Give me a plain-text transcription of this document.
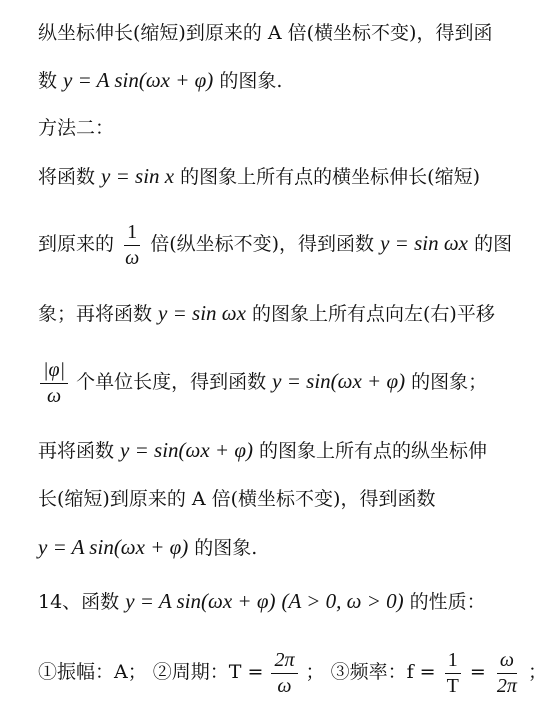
纵坐标伸长(缩短)到原来的 A 倍(横坐标不变)，得到函
数 y = A sin(ωx + φ) 的图象.
方法二：
将函数 y = sin x 的图象上所有点的横坐标伸长(缩短)
到原来的 $\frac{1}{\omega}$ 倍(纵坐标不变)，得到函数 y = sin ωx 的图
象；再将函数 y = sin ωx 的图象上所有点向左(右)平移
$\frac{|\varphi|}{\omega}$ 个单位长度，得到函数 y = sin(ωx + φ) 的图象；
再将函数 y = sin(ωx + φ) 的图象上所有点的纵坐标伸
长(缩短)到原来的 A 倍(横坐标不变)，得到函数
y = A sin(ωx + φ) 的图象.
14、函数 y = A sin(ωx + φ) (A > 0, ω > 0) 的性质：
①振幅：A； ②周期：$T = \frac{2\pi}{\omega}$ ； ③频率：$f = \frac{1}{T} = \frac{\omega}{2\pi}$ ；
